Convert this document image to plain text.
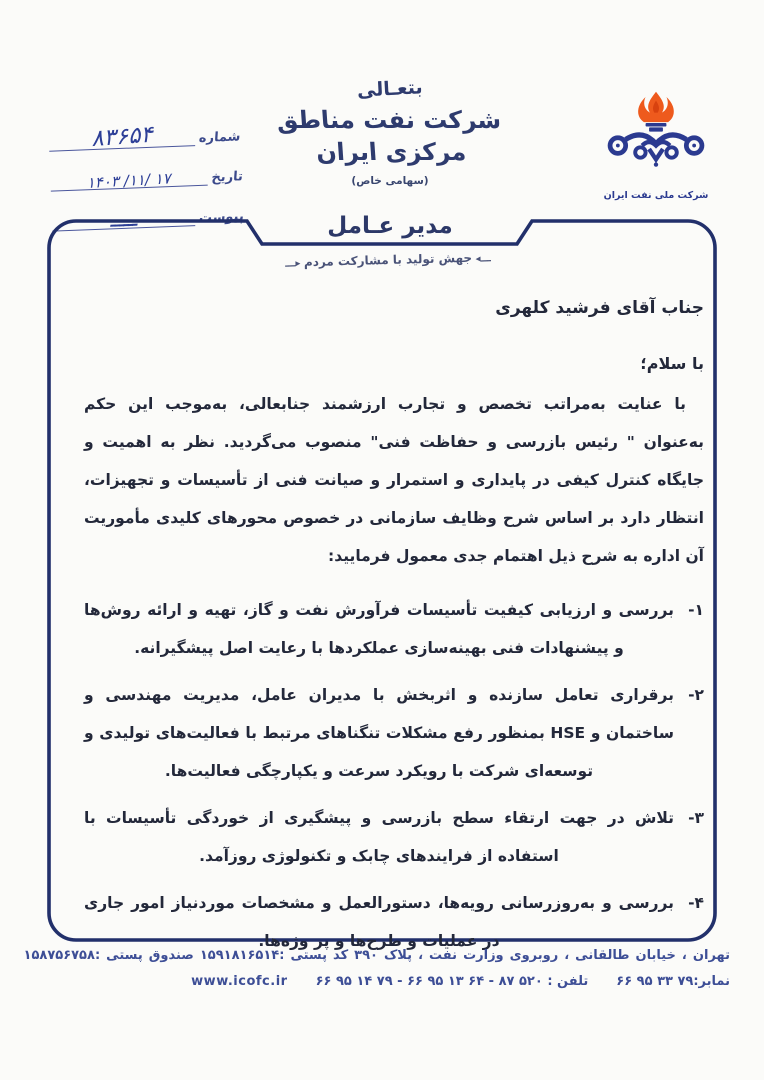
شماره
۸۳۶۵۴
تاریخ
۱۴۰۳ /۱۱/ ۱۷
پیوست
ــــــ
بتعـالی
شرکت نفت مناطق مرکزی ایران
(سهامی خاص)
شرکت ملی نفت ایران
مدیر عـامل
ـــ◂ جهش تولید با مشارکت مردم ▸ـــ
جناب آقای فرشید کلهری
با سلام؛

با عنایت به‌مراتب تخصص و تجارب ارزشمند جنابعالی، به‌موجب این حکم به‌عنوان " رئیس بازرسی و حفاظت فنی" منصوب می‌گردید. نظر به اهمیت و جایگاه کنترل کیفی در پایداری و استمرار و صیانت فنی از تأسیسات و تجهیزات، انتظار دارد بر اساس شرح وظایف سازمانی در خصوص محورهای کلیدی مأموریت آن اداره به شرح ذیل اهتمام جدی معمول فرمایید:

۱-
بررسی و ارزیابی کیفیت تأسیسات فرآورش نفت و گاز، تهیه و ارائه روش‌ها و پیشنهادات فنی بهینه‌سازی عملکردها با رعایت اصل پیشگیرانه.
۲-
برقراری تعامل سازنده و اثربخش با مدیران عامل، مدیریت مهندسی و ساختمان و HSE بمنظور رفع مشکلات تنگناهای مرتبط با فعالیت‌های تولیدی و توسعه‌ای شرکت با رویکرد سرعت و یکپارچگی فعالیت‌ها.
۳-
تلاش در جهت ارتقاء سطح بازرسی و پیشگیری از خوردگی تأسیسات با استفاده از فرایندهای چابک و تکنولوژی روزآمد.
۴-
بررسی و به‌روزرسانی رویه‌ها، دستورالعمل و مشخصات موردنیاز امور جاری در عملیات و طرح‌ها و پر وژه‌ها.
تهران ، خیابان طالقانی ، روبروی وزارت نفت ، پلاک ۳۹۰ کد پستی :۱۵۹۱۸۱۶۵۱۴ صندوق پستی :۱۵۸۷۵۶۷۵۸
نمابر:۶۶ ۹۵ ۳۳ ۷۹
تلفن : ۶۶ ۹۵ ۱۴ ۷۹ - ۶۶ ۹۵ ۱۳ ۶۴ - ۸۷ ۵۲۰
www.icofc.ir
